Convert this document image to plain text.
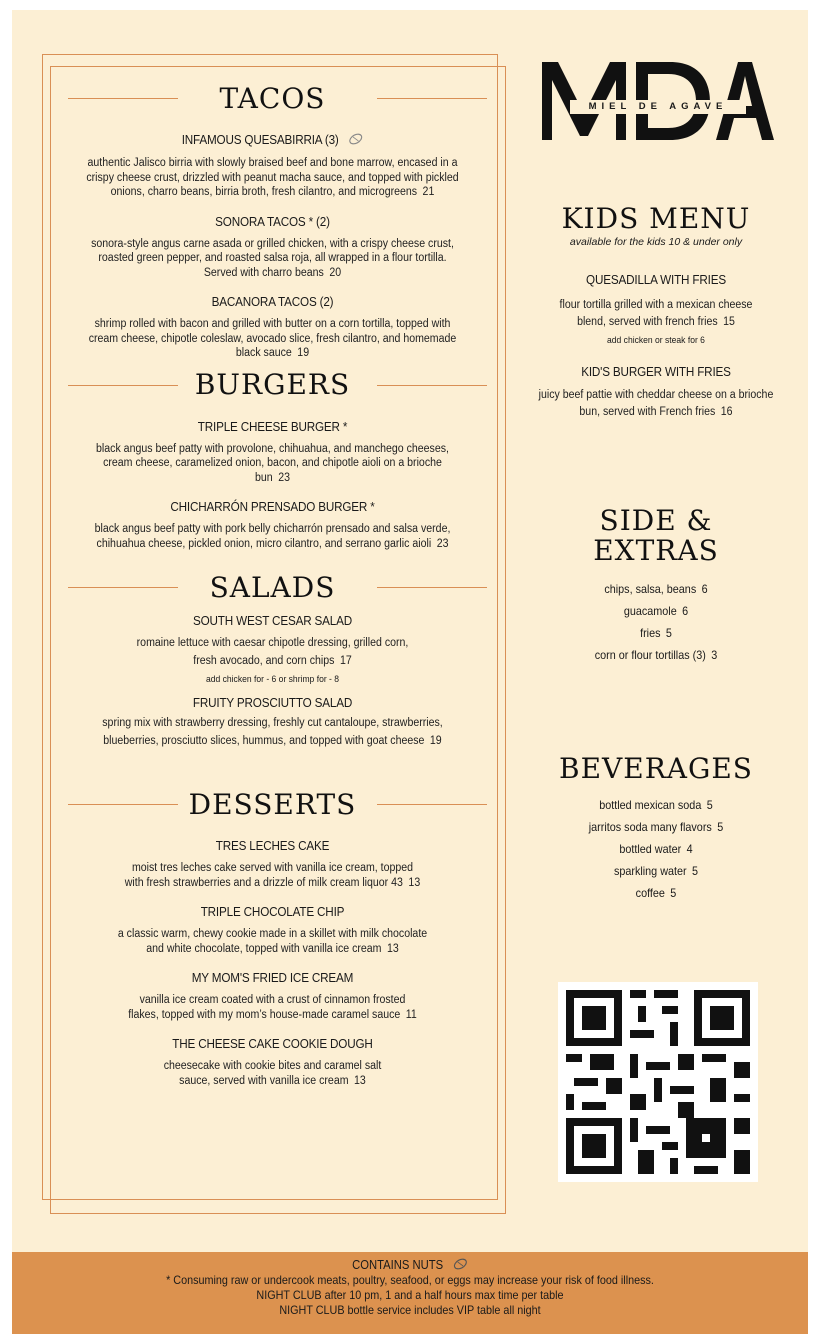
TACOS
INFAMOUS QUESABIRRIA (3)
authentic Jalisco birria with slowly braised beef and bone marrow, encased in a crispy cheese crust, drizzled with peanut macha sauce, and topped with pickled onions, charro beans, birria broth, fresh cilantro, and microgreens 21
SONORA TACOS * (2)
sonora-style angus carne asada or grilled chicken, with a crispy cheese crust, roasted green pepper, and roasted salsa roja, all wrapped in a flour tortilla. Served with charro beans 20
BACANORA TACOS (2)
shrimp rolled with bacon and grilled with butter on a corn tortilla, topped with cream cheese, chipotle coleslaw, avocado slice, fresh cilantro, and homemade black sauce 19
BURGERS
TRIPLE CHEESE BURGER *
black angus beef patty with provolone, chihuahua, and manchego cheeses, cream cheese, caramelized onion, bacon, and chipotle aioli on a brioche bun 23
CHICHARRÓN PRENSADO BURGER *
black angus beef patty with pork belly chicharrón prensado and salsa verde, chihuahua cheese, pickled onion, micro cilantro, and serrano garlic aioli 23
SALADS
SOUTH WEST CESAR SALAD
romaine lettuce with caesar chipotle dressing, grilled corn, fresh avocado, and corn chips 17
add chicken for - 6 or shrimp for - 8
FRUITY PROSCIUTTO SALAD
spring mix with strawberry dressing, freshly cut cantaloupe, strawberries, blueberries, prosciutto slices, hummus, and topped with goat cheese 19
DESSERTS
TRES LECHES CAKE
moist tres leches cake served with vanilla ice cream, topped with fresh strawberries and a drizzle of milk cream liquor 43 13
TRIPLE CHOCOLATE CHIP
a classic warm, chewy cookie made in a skillet with milk chocolate and white chocolate, topped with vanilla ice cream 13
MY MOM'S FRIED ICE CREAM
vanilla ice cream coated with a crust of cinnamon frosted flakes, topped with my mom’s house-made caramel sauce 11
THE CHEESE CAKE COOKIE DOUGH
cheesecake with cookie bites and caramel salt sauce, served with vanilla ice cream 13
MIEL DE AGAVE
KIDS MENU
available for the kids 10 & under only
QUESADILLA WITH FRIES
flour tortilla grilled with a mexican cheese blend, served with french fries 15
add chicken or steak for 6
KID'S BURGER WITH FRIES
juicy beef pattie with cheddar cheese on a brioche bun, served with French fries 16
SIDE &
EXTRAS
chips, salsa, beans 6
guacamole 6
fries 5
corn or flour tortillas (3) 3
BEVERAGES
bottled mexican soda 5
jarritos soda many flavors 5
bottled water 4
sparkling water 5
coffee 5
CONTAINS NUTS
* Consuming raw or undercook meats, poultry, seafood, or eggs may increase your risk of food illness.
NIGHT CLUB after 10 pm, 1 and a half hours max time per table
NIGHT CLUB bottle service includes VIP table all night
